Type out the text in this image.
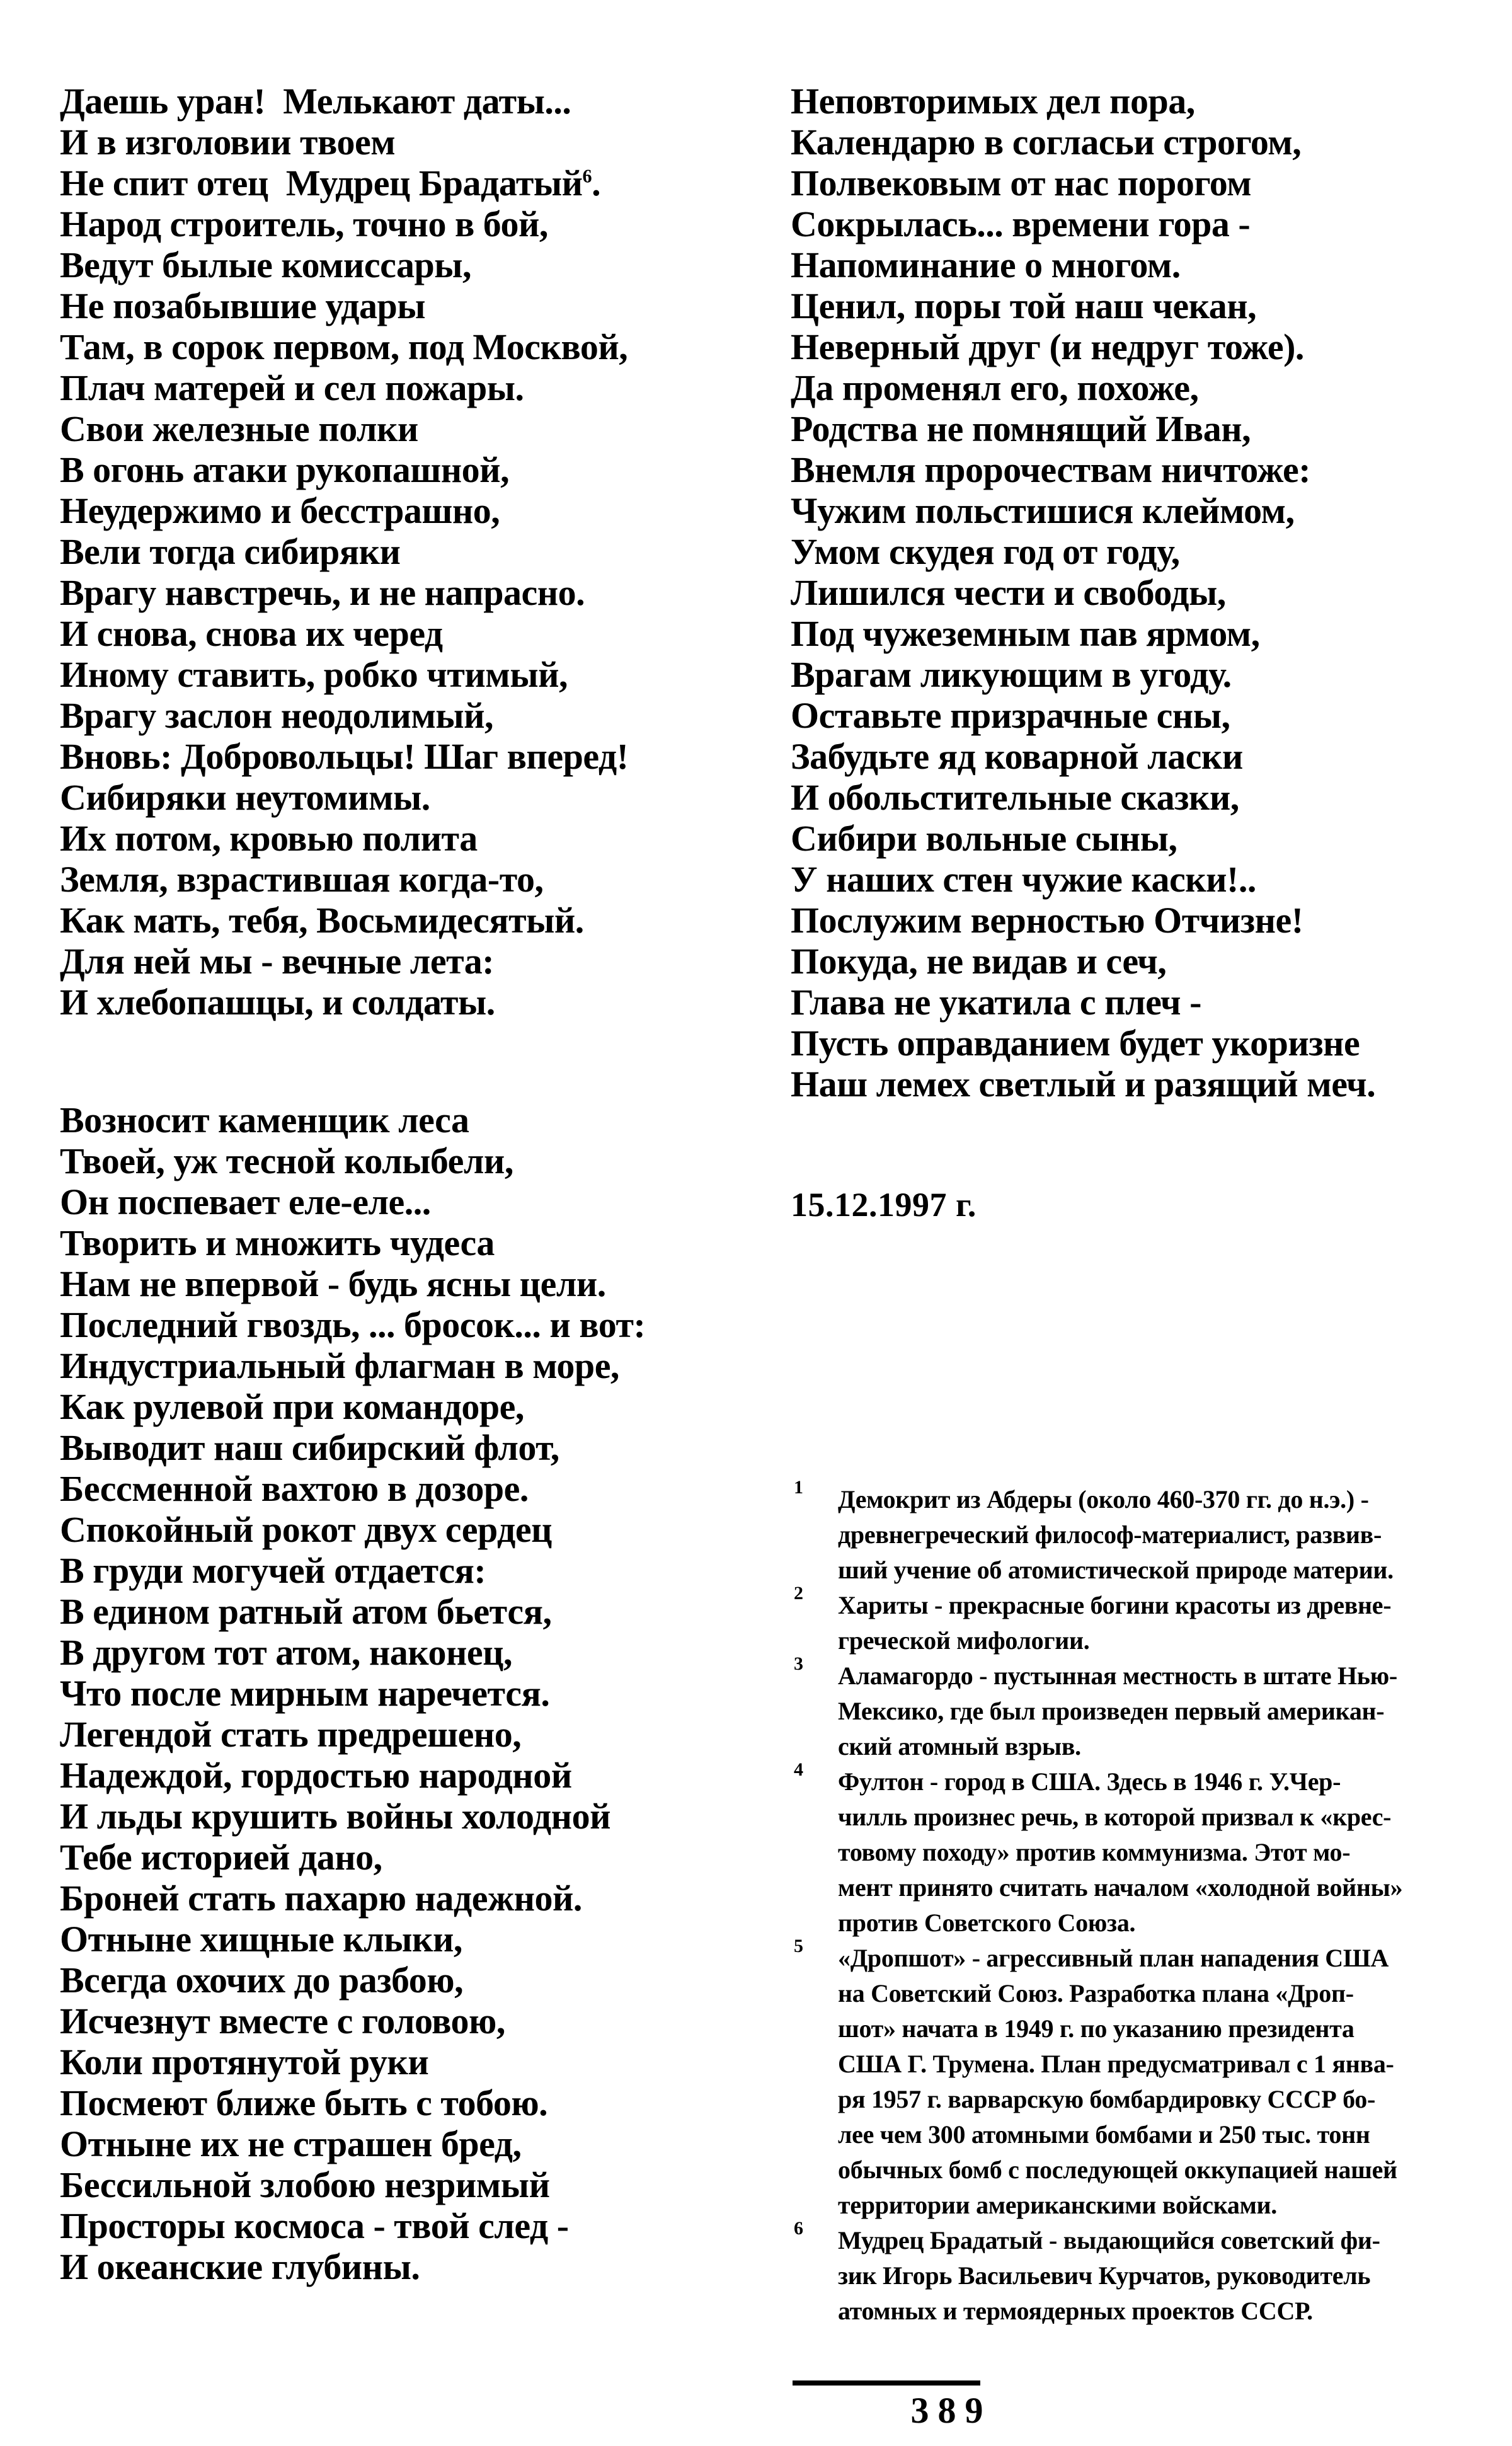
Даешь уран!  Мелькают даты...
И в изголовии твоем
Не спит отец  Мудрец Брадатый$^6$.
Народ строитель, точно в бой,
Ведут былые комиссары,
Не позабывшие удары
Там, в сорок первом, под Москвой,
Плач матерей и сел пожары.
Свои железные полки
В огонь атаки рукопашной,
Неудержимо и бесстрашно,
Вели тогда сибиряки
Врагу навстречь, и не напрасно.
И снова, снова их черед
Иному ставить, робко чтимый,
Врагу заслон неодолимый,
Вновь: Добровольцы! Шаг вперед!
Сибиряки неутомимы.
Их потом, кровью полита
Земля, взрастившая когда-то,
Как мать, тебя, Восьмидесятый.
Для ней мы - вечные лета:
И хлебопашцы, и солдаты.
Возносит каменщик леса
Твоей, уж тесной колыбели,
Он поспевает еле-еле...
Творить и множить чудеса
Нам не впервой - будь ясны цели.
Последний гвоздь, ... бросок... и вот:
Индустриальный флагман в море,
Как рулевой при командоре,
Выводит наш сибирский флот,
Бессменной вахтою в дозоре.
Спокойный рокот двух сердец
В груди могучей отдается:
В едином ратный атом бьется,
В другом тот атом, наконец,
Что после мирным наречется.
Легендой стать предрешено,
Надеждой, гордостью народной
И льды крушить войны холодной
Тебе историей дано,
Броней стать пахарю надежной.
Отныне хищные клыки,
Всегда охочих до разбою,
Исчезнут вместе с головою,
Коли протянутой руки
Посмеют ближе быть с тобою.
Отныне их не страшен бред,
Бессильной злобою незримый
Просторы космоса - твой след -
И океанские глубины.
Неповторимых дел пора,
Календарю в согласьи строгом,
Полвековым от нас порогом
Сокрылась... времени гора -
Напоминание о многом.
Ценил, поры той наш чекан,
Неверный друг (и недруг тоже).
Да променял его, похоже,
Родства не помнящий Иван,
Внемля пророчествам ничтоже:
Чужим польстишися клеймом,
Умом скудея год от году,
Лишился чести и свободы,
Под чужеземным пав ярмом,
Врагам ликующим в угоду.
Оставьте призрачные сны,
Забудьте яд коварной ласки
И обольстительные сказки,
Сибири вольные сыны,
У наших стен чужие каски!..
Послужим верностью Отчизне!
Покуда, не видав и сеч,
Глава не укатила с плеч -
Пусть оправданием будет укоризне
Наш лемех светлый и разящий меч.
15.12.1997 г.
1 Демокрит из Абдеры (около 460-370 гг. до н.э.) -
древнегреческий философ-материалист, развив-
ший учение об атомистической природе материи.
2 Хариты - прекрасные богини красоты из древне-
греческой мифологии.
3 Аламагордо - пустынная местность в штате Нью-
Мексико, где был произведен первый американ-
ский атомный взрыв.
4 Фултон - город в США. Здесь в 1946 г. У.Чер-
чилль произнес речь, в которой призвал к «крес-
товому походу» против коммунизма. Этот мо-
мент принято считать началом «холодной войны»
против Советского Союза.
5 «Дропшот» - агрессивный план нападения США
на Советский Союз. Разработка плана «Дроп-
шот» начата в 1949 г. по указанию президента
США Г. Трумена. План предусматривал с 1 янва-
ря 1957 г. варварскую бомбардировку СССР бо-
лее чем 300 атомными бомбами и 250 тыс. тонн
обычных бомб с последующей оккупацией нашей
территории американскими войсками.
6 Мудрец Брадатый - выдающийся советский фи-
зик Игорь Васильевич Курчатов, руководитель
атомных и термоядерных проектов СССР.
389
